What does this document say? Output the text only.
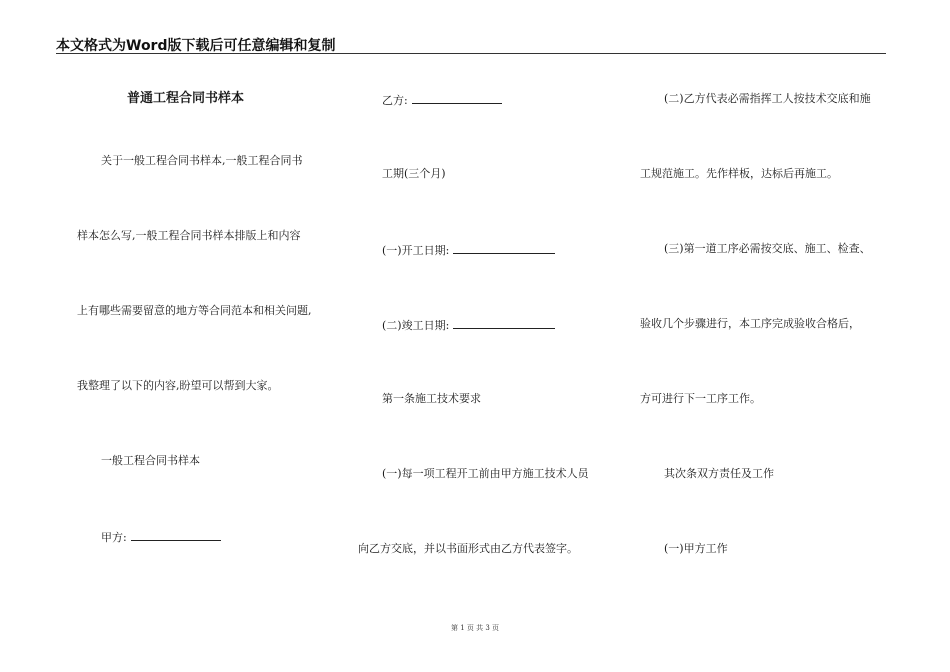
本文格式为Word版下载后可任意编辑和复制
普通工程合同书样本
关于一般工程合同书样本,一般工程合同书
样本怎么写,一般工程合同书样本排版上和内容
上有哪些需要留意的地方等合同范本和相关问题,
我整理了以下的内容,盼望可以帮到大家。
一般工程合同书样本
甲方:
乙方:
工期(三个月)
(一)开工日期:
(二)竣工日期:
第一条施工技术要求
(一)每一项工程开工前由甲方施工技术人员
向乙方交底，并以书面形式由乙方代表签字。
(二)乙方代表必需指挥工人按技术交底和施
工规范施工。先作样板，达标后再施工。
(三)第一道工序必需按交底、施工、检查、
验收几个步骤进行，本工序完成验收合格后，
方可进行下一工序工作。
其次条双方责任及工作
(一)甲方工作
第 1 页 共 3 页
